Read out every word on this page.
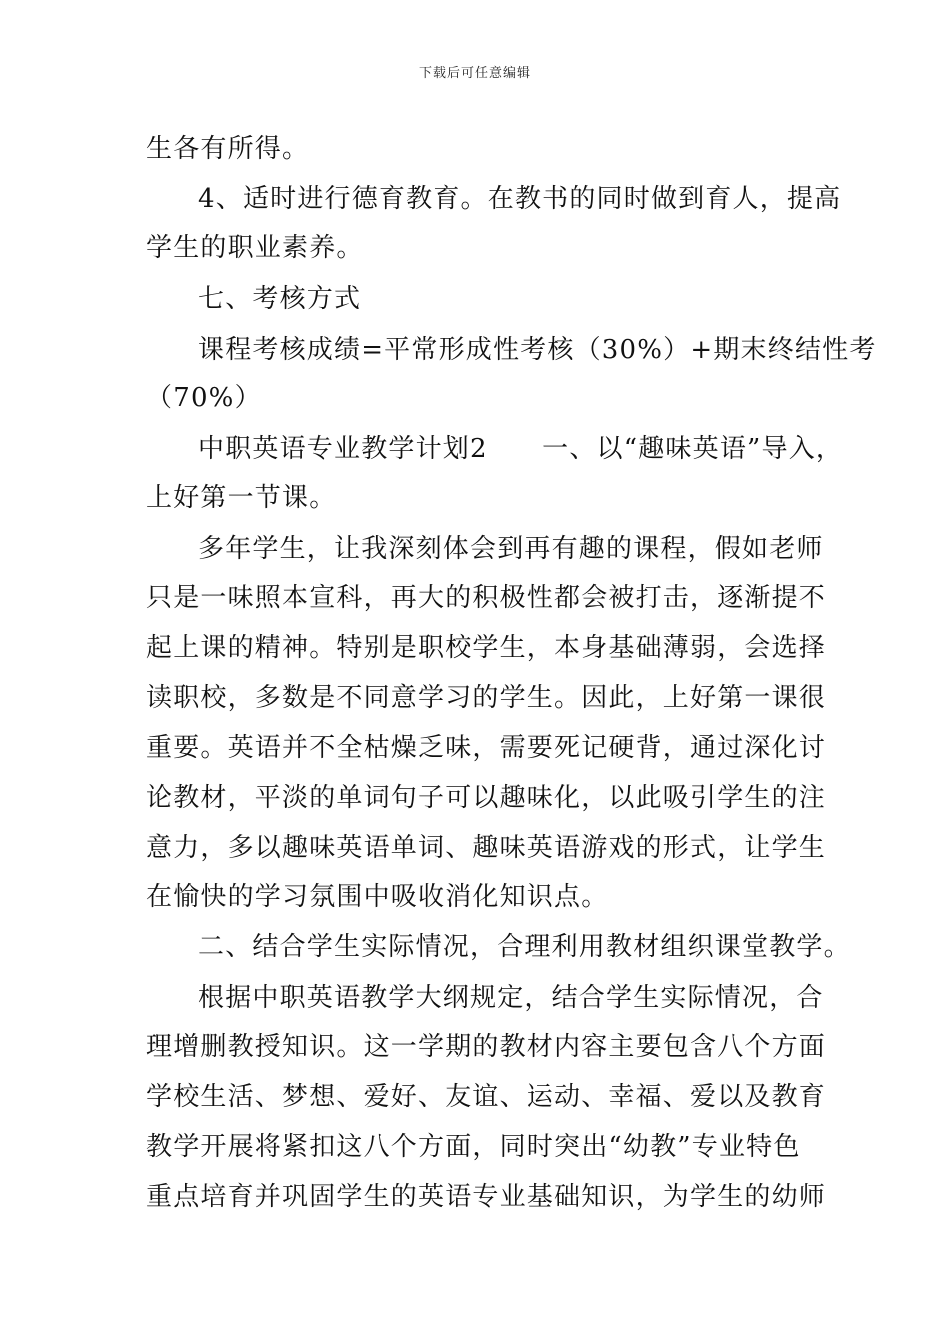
下载后可任意编辑
生各有所得。
4、适时进行德育教育。在教书的同时做到育人，提高
学生的职业素养。
七、考核方式
课程考核成绩=平常形成性考核（30%）+期末终结性考
（70%）
中职英语专业教学计划2　　一、以“趣味英语”导入，
上好第一节课。
多年学生，让我深刻体会到再有趣的课程，假如老师
只是一味照本宣科，再大的积极性都会被打击，逐渐提不
起上课的精神。特别是职校学生，本身基础薄弱，会选择
读职校，多数是不同意学习的学生。因此，上好第一课很
重要。英语并不全枯燥乏味，需要死记硬背，通过深化讨
论教材，平淡的单词句子可以趣味化，以此吸引学生的注
意力，多以趣味英语单词、趣味英语游戏的形式，让学生
在愉快的学习氛围中吸收消化知识点。
二、结合学生实际情况，合理利用教材组织课堂教学。
根据中职英语教学大纲规定，结合学生实际情况，合
理增删教授知识。这一学期的教材内容主要包含八个方面
学校生活、梦想、爱好、友谊、运动、幸福、爱以及教育
教学开展将紧扣这八个方面，同时突出“幼教”专业特色
重点培育并巩固学生的英语专业基础知识，为学生的幼师
